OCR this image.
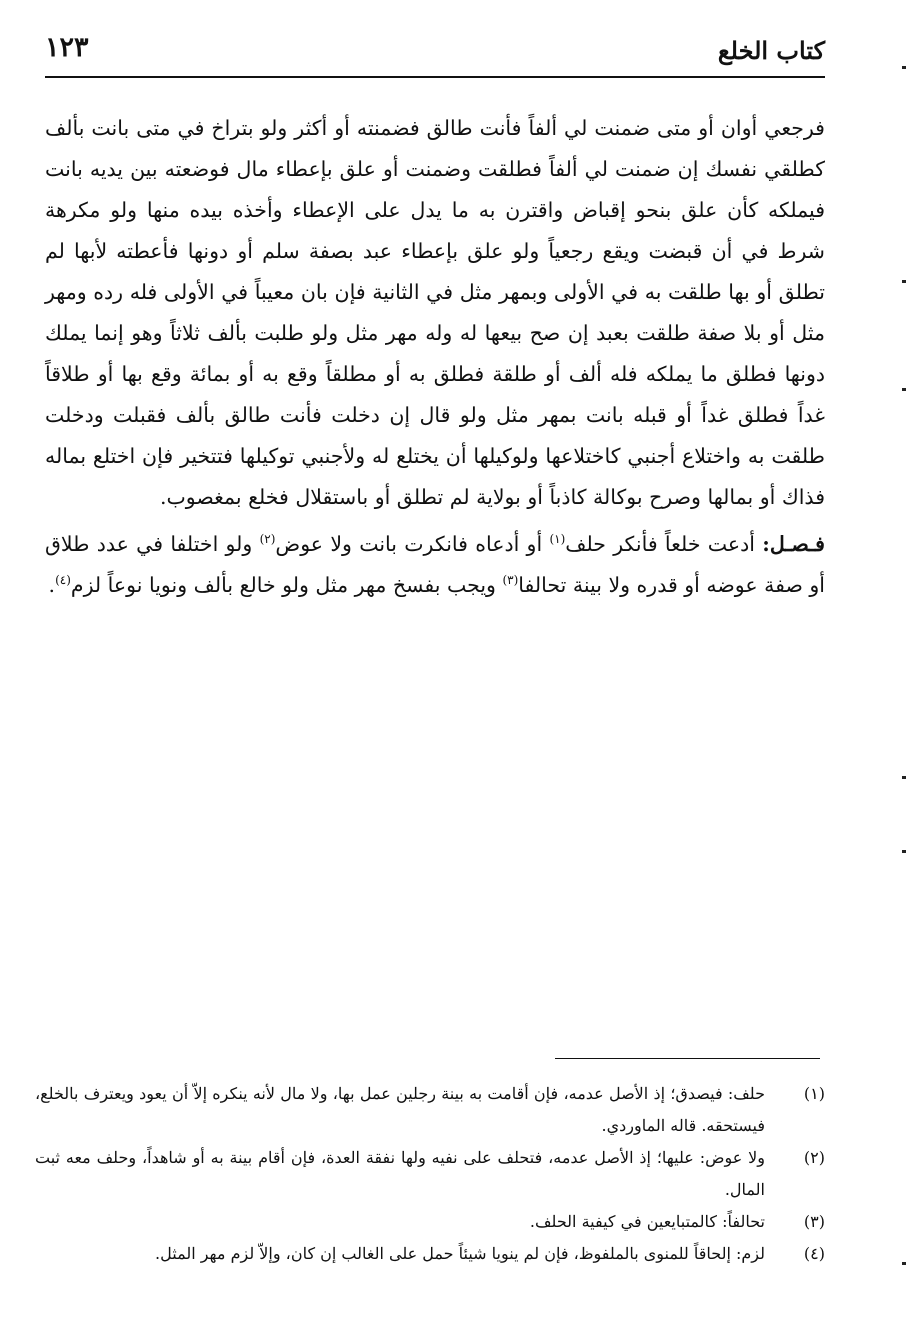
كتاب الخلع
١٢٣

فرجعي أوان أو متى ضمنت لي ألفاً فأنت طالق فضمنته أو أكثر ولو بتراخ في متى بانت بألف كطلقي نفسك إن ضمنت لي ألفاً فطلقت وضمنت أو علق بإعطاء مال فوضعته بين يديه بانت فيملكه كأن علق بنحو إقباض واقترن به ما يدل على الإعطاء وأخذه بيده منها ولو مكرهة شرط في أن قبضت ويقع رجعياً ولو علق بإعطاء عبد بصفة سلم أو دونها فأعطته لأبها لم تطلق أو بها طلقت به في الأولى وبمهر مثل في الثانية فإن بان معيباً في الأولى فله رده ومهر مثل أو بلا صفة طلقت بعبد إن صح بيعها له وله مهر مثل ولو طلبت بألف ثلاثاً وهو إنما يملك دونها فطلق ما يملكه فله ألف أو طلقة فطلق به أو مطلقاً وقع به أو بمائة وقع بها أو طلاقاً غداً فطلق غداً أو قبله بانت بمهر مثل ولو قال إن دخلت فأنت طالق بألف فقبلت ودخلت طلقت به واختلاع أجنبي كاختلاعها ولوكيلها أن يختلع له ولأجنبي توكيلها فتتخير فإن اختلع بماله فذاك أو بمالها وصرح بوكالة كاذباً أو بولاية لم تطلق أو باستقلال فخلع بمغصوب.

فـصـل: أدعت خلعاً فأنكر حلف$^{(١)}$ أو أدعاه فانكرت بانت ولا عوض$^{(٢)}$ ولو اختلفا في عدد طلاق أو صفة عوضه أو قدره ولا بينة تحالفا$^{(٣)}$ ويجب بفسخ مهر مثل ولو خالع بألف ونويا نوعاً لزم$^{(٤)}$.

(١)
حلف: فيصدق؛ إذ الأصل عدمه، فإن أقامت به بينة رجلين عمل بها، ولا مال لأنه ينكره إلاّ أن يعود ويعترف بالخلع، فيستحقه. قاله الماوردي.
(٢)
ولا عوض: عليها؛ إذ الأصل عدمه، فتحلف على نفيه ولها نفقة العدة، فإن أقام بينة به أو شاهداً، وحلف معه ثبت المال.
(٣)
تحالفاً: كالمتبايعين في كيفية الحلف.
(٤)
لزم: إلحاقاً للمنوى بالملفوظ، فإن لم ينويا شيئاً حمل على الغالب إن كان، وإلاّ لزم مهر المثل.
